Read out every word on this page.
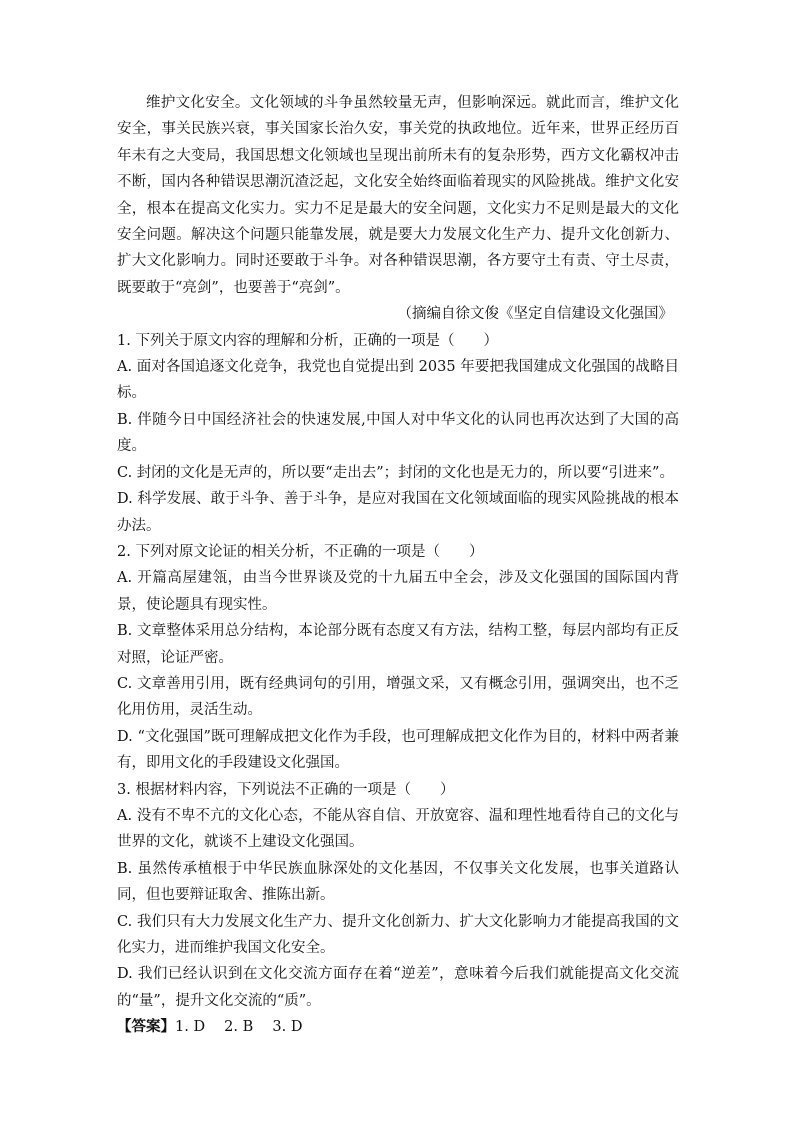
维护文化安全。文化领域的斗争虽然较量无声，但影响深远。就此而言，维护文化安全，事关民族兴衰，事关国家长治久安，事关党的执政地位。近年来，世界正经历百年未有之大变局，我国思想文化领域也呈现出前所未有的复杂形势，西方文化霸权冲击不断，国内各种错误思潮沉渣泛起，文化安全始终面临着现实的风险挑战。维护文化安全，根本在提高文化实力。实力不足是最大的安全问题，文化实力不足则是最大的文化安全问题。解决这个问题只能靠发展，就是要大力发展文化生产力、提升文化创新力、扩大文化影响力。同时还要敢于斗争。对各种错误思潮，各方要守土有责、守土尽责，既要敢于“亮剑”，也要善于“亮剑”。

（摘编自徐文俊《坚定自信建设文化强国》

1. 下列关于原文内容的理解和分析，正确的一项是（　　）

A. 面对各国追逐文化竞争，我党也自觉提出到 2035 年要把我国建成文化强国的战略目标。

B. 伴随今日中国经济社会的快速发展,中国人对中华文化的认同也再次达到了大国的高度。

C. 封闭的文化是无声的，所以要“走出去”；封闭的文化也是无力的，所以要“引进来”。

D. 科学发展、敢于斗争、善于斗争，是应对我国在文化领域面临的现实风险挑战的根本办法。

2. 下列对原文论证的相关分析，不正确的一项是（　　）

A. 开篇高屋建瓴，由当今世界谈及党的十九届五中全会，涉及文化强国的国际国内背景，使论题具有现实性。

B. 文章整体采用总分结构，本论部分既有态度又有方法，结构工整，每层内部均有正反对照，论证严密。

C. 文章善用引用，既有经典词句的引用，增强文采，又有概念引用，强调突出，也不乏化用仿用，灵活生动。

D. “文化强国”既可理解成把文化作为手段，也可理解成把文化作为目的，材料中两者兼有，即用文化的手段建设文化强国。

3. 根据材料内容，下列说法不正确的一项是（　　）

A. 没有不卑不亢的文化心态，不能从容自信、开放宽容、温和理性地看待自己的文化与世界的文化，就谈不上建设文化强国。

B. 虽然传承植根于中华民族血脉深处的文化基因，不仅事关文化发展，也事关道路认同，但也要辩证取舍、推陈出新。

C. 我们只有大力发展文化生产力、提升文化创新力、扩大文化影响力才能提高我国的文化实力，进而维护我国文化安全。

D. 我们已经认识到在文化交流方面存在着“逆差”，意味着今后我们就能提高文化交流的“量”，提升文化交流的“质”。

【答案】1. D　 2. B　 3. D
